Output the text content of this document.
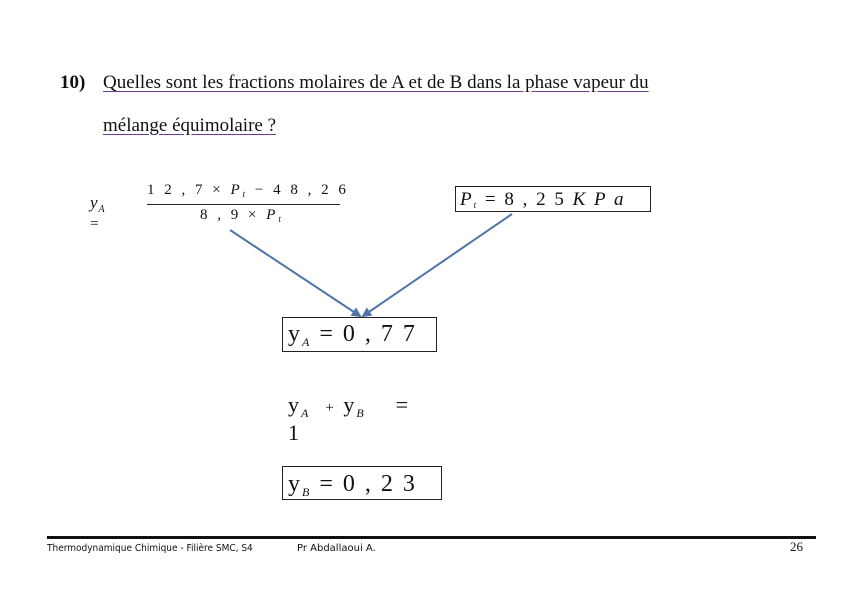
10) Quelles sont les fractions molaires de A et de B dans la phase vapeur du
mélange équimolaire ?
$y_A$
=
1 2 , $7 \times P_t - 4$ 8 , 2 6
8 , $9 \times P_t$
Pt = 8 , 2 5 K P a
$y_A = 0$ , 7 7
$y_A + y_B$ =
1
$y_B = 0$ , 2 3
Thermodynamique Chimique - Filière SMC, S4	Pr Abdallaoui A.	26
